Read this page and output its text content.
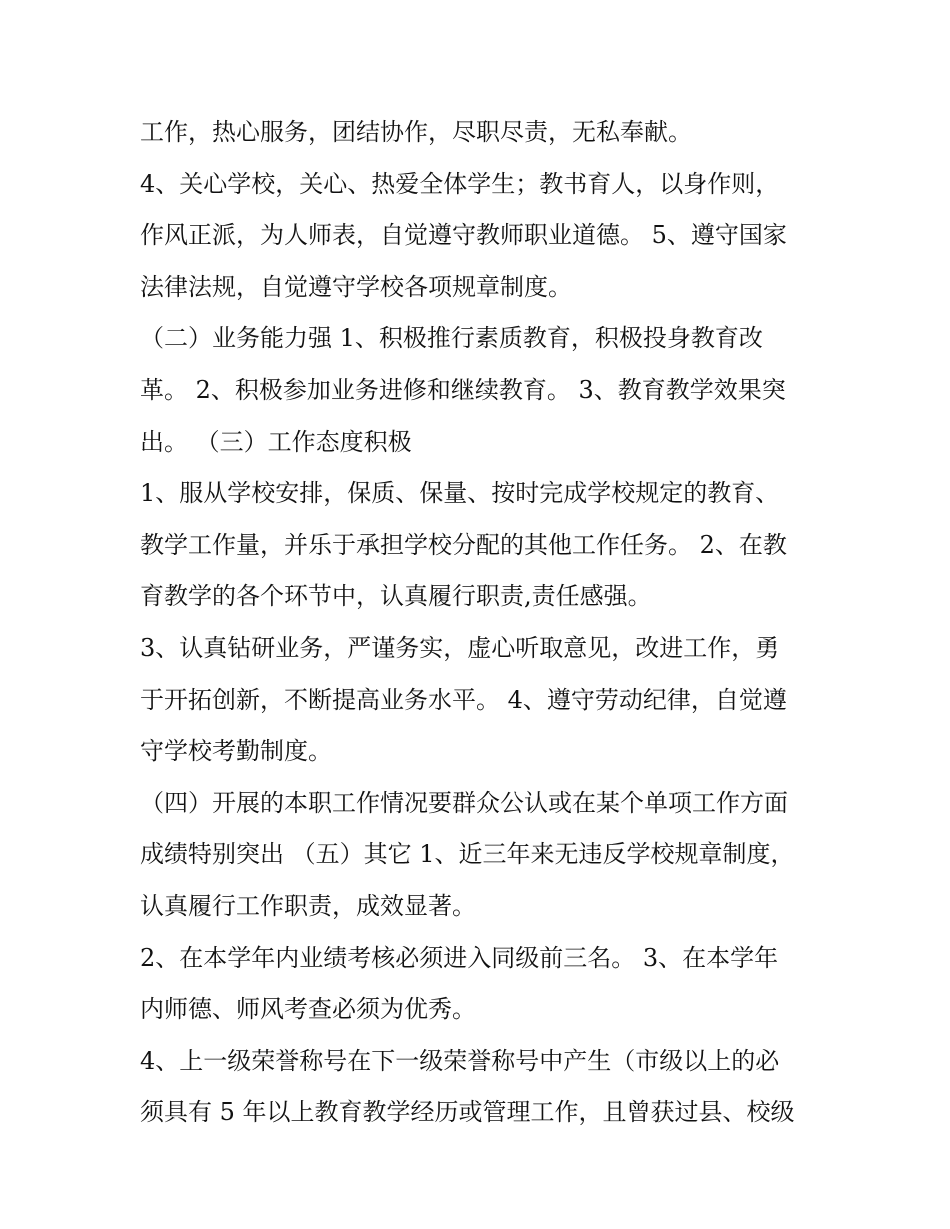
工作，热心服务，团结协作，尽职尽责，无私奉献。
4、关心学校，关心、热爱全体学生；教书育人，以身作则，
作风正派，为人师表，自觉遵守教师职业道德。 5、遵守国家
法律法规，自觉遵守学校各项规章制度。
（二）业务能力强 1、积极推行素质教育，积极投身教育改
革。 2、积极参加业务进修和继续教育。 3、教育教学效果突
出。 （三）工作态度积极
1、服从学校安排，保质、保量、按时完成学校规定的教育、
教学工作量，并乐于承担学校分配的其他工作任务。 2、在教
育教学的各个环节中，认真履行职责,责任感强。
3、认真钻研业务，严谨务实，虚心听取意见，改进工作，勇
于开拓创新，不断提高业务水平。 4、遵守劳动纪律，自觉遵
守学校考勤制度。
（四）开展的本职工作情况要群众公认或在某个单项工作方面
成绩特别突出 （五）其它 1、近三年来无违反学校规章制度，
认真履行工作职责，成效显著。
2、在本学年内业绩考核必须进入同级前三名。 3、在本学年
内师德、师风考查必须为优秀。
4、上一级荣誉称号在下一级荣誉称号中产生（市级以上的必
须具有 5 年以上教育教学经历或管理工作，且曾获过县、校级
